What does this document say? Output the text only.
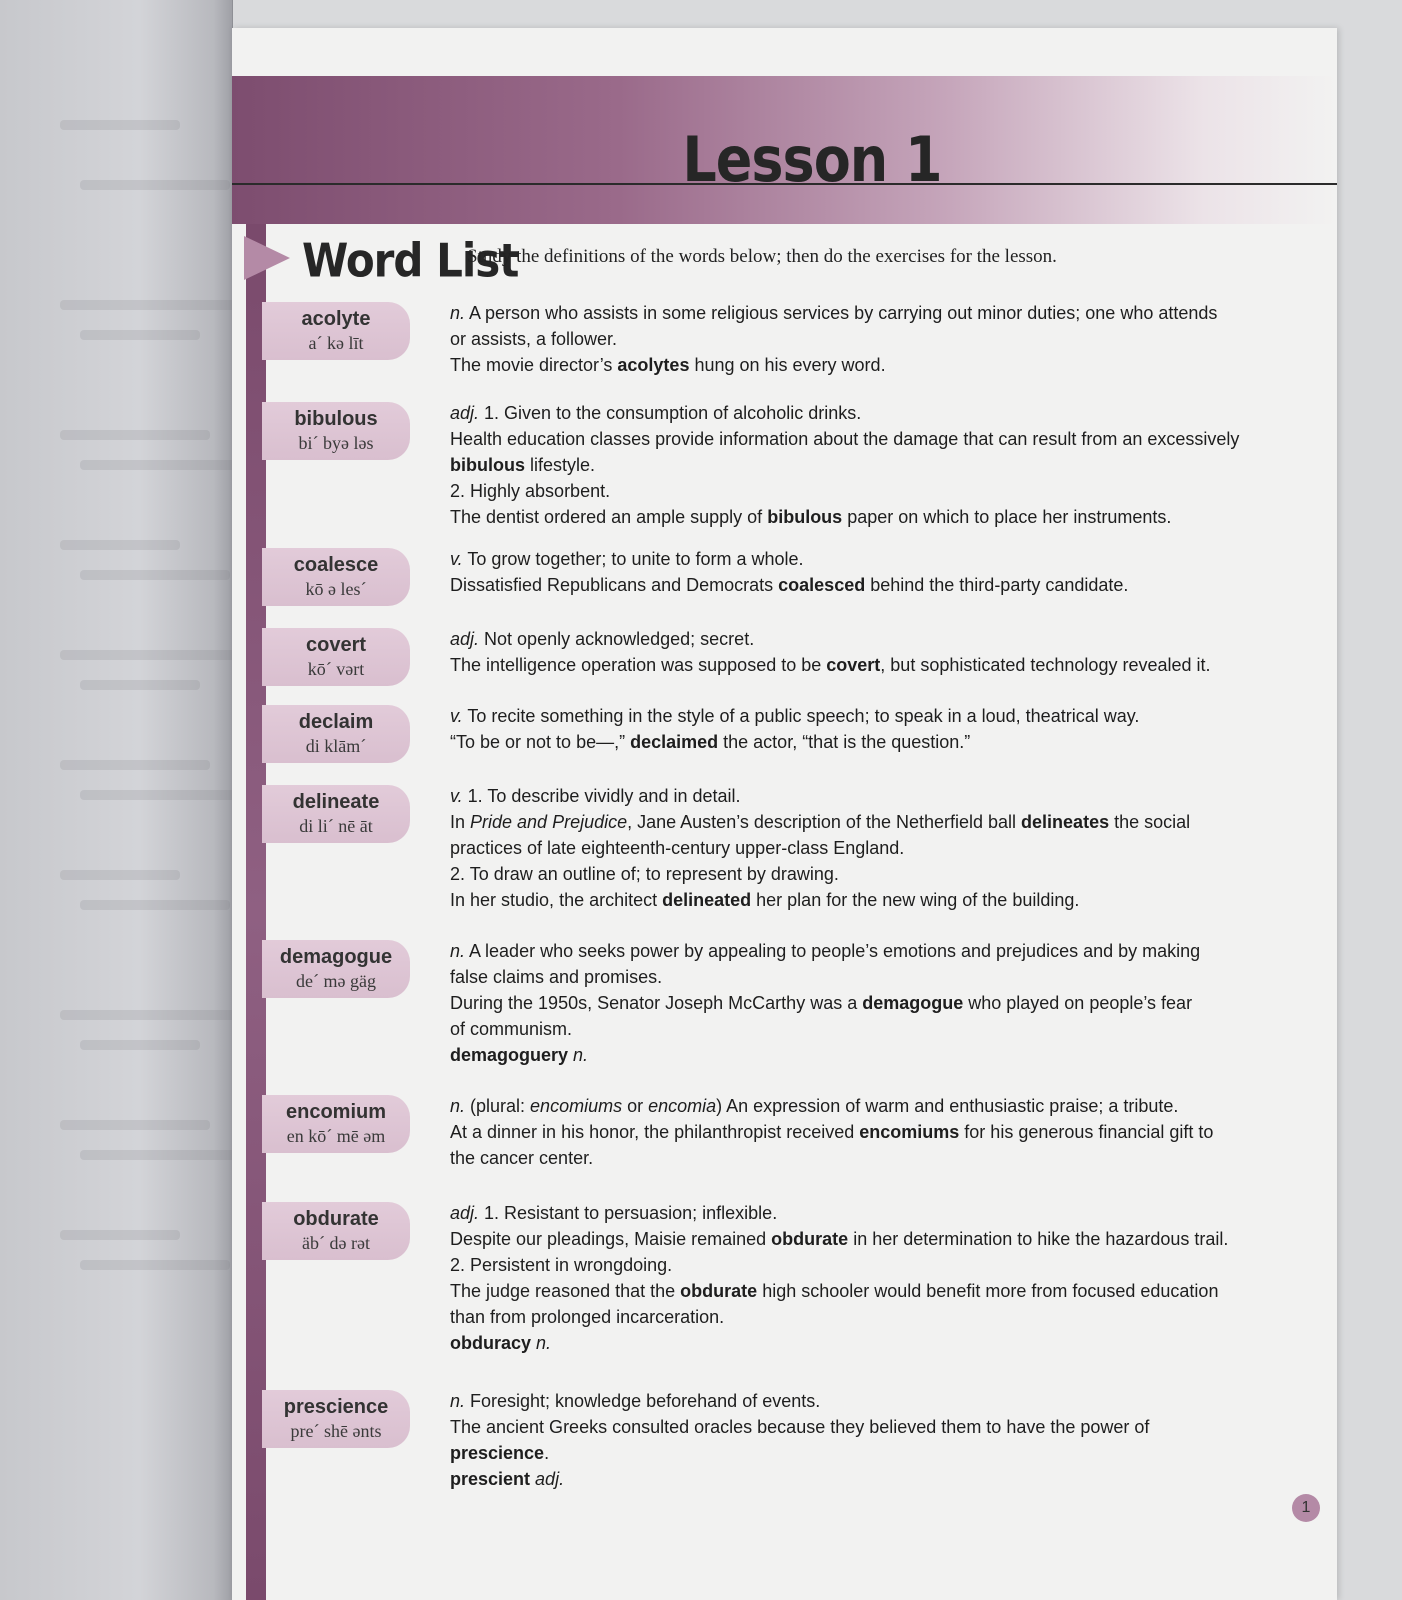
Lesson 1
Word List
Study the definitions of the words below; then do the exercises for the lesson.
acolyte
a´ kə līt

n. A person who assists in some religious services by carrying out minor duties; one who attends

or assists, a follower.

The movie director’s acolytes hung on his every word.

bibulous
bi´ byə ləs

adj. 1. Given to the consumption of alcoholic drinks.

Health education classes provide information about the damage that can result from an excessively

bibulous lifestyle.

2. Highly absorbent.

The dentist ordered an ample supply of bibulous paper on which to place her instruments.

coalesce
kō ə les´

v. To grow together; to unite to form a whole.

Dissatisfied Republicans and Democrats coalesced behind the third-party candidate.

covert
kō´ vərt

adj. Not openly acknowledged; secret.

The intelligence operation was supposed to be covert, but sophisticated technology revealed it.

declaim
di klām´

v. To recite something in the style of a public speech; to speak in a loud, theatrical way.

“To be or not to be—,” declaimed the actor, “that is the question.”

delineate
di li´ nē āt

v. 1. To describe vividly and in detail.

In Pride and Prejudice, Jane Austen’s description of the Netherfield ball delineates the social

practices of late eighteenth-century upper-class England.

2. To draw an outline of; to represent by drawing.

In her studio, the architect delineated her plan for the new wing of the building.

demagogue
de´ mə gäg

n. A leader who seeks power by appealing to people’s emotions and prejudices and by making

false claims and promises.

During the 1950s, Senator Joseph McCarthy was a demagogue who played on people’s fear

of communism.

demagoguery n.

encomium
en kō´ mē əm

n. (plural: encomiums or encomia) An expression of warm and enthusiastic praise; a tribute.

At a dinner in his honor, the philanthropist received encomiums for his generous financial gift to

the cancer center.

obdurate
äb´ də rət

adj. 1. Resistant to persuasion; inflexible.

Despite our pleadings, Maisie remained obdurate in her determination to hike the hazardous trail.

2. Persistent in wrongdoing.

The judge reasoned that the obdurate high schooler would benefit more from focused education

than from prolonged incarceration.

obduracy n.

prescience
pre´ shē ənts

n. Foresight; knowledge beforehand of events.

The ancient Greeks consulted oracles because they believed them to have the power of

prescience.

prescient adj.

1
